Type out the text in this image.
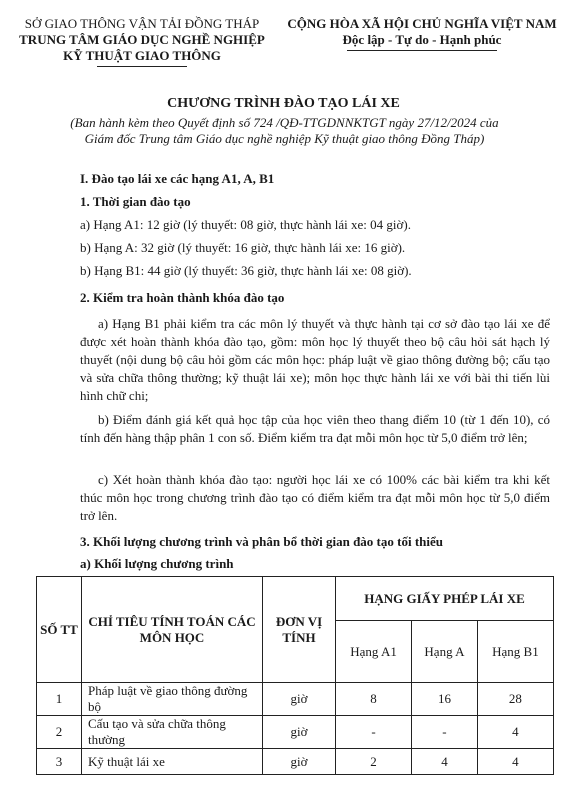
SỞ GIAO THÔNG VẬN TẢI ĐỒNG THÁP
TRUNG TÂM GIÁO DỤC NGHỀ NGHIỆP
KỸ THUẬT GIAO THÔNG
CỘNG HÒA XÃ HỘI CHỦ NGHĨA VIỆT NAM
Độc lập - Tự do - Hạnh phúc
CHƯƠNG TRÌNH ĐÀO TẠO LÁI XE
(Ban hành kèm theo Quyết định số 724 /QĐ-TTGDNNKTGT ngày 27/12/2024 của
Giám đốc Trung tâm Giáo dục nghề nghiệp Kỹ thuật giao thông Đồng Tháp)
I. Đào tạo lái xe các hạng A1, A, B1
1. Thời gian đào tạo
a) Hạng A1: 12 giờ (lý thuyết: 08 giờ, thực hành lái xe: 04 giờ).
b) Hạng A: 32 giờ (lý thuyết: 16 giờ, thực hành lái xe: 16 giờ).
b) Hạng B1: 44 giờ (lý thuyết: 36 giờ, thực hành lái xe: 08 giờ).
2. Kiểm tra hoàn thành khóa đào tạo
a) Hạng B1 phải kiểm tra các môn lý thuyết và thực hành tại cơ sở đào tạo lái xe để được xét hoàn thành khóa đào tạo, gồm: môn học lý thuyết theo bộ câu hỏi sát hạch lý thuyết (nội dung bộ câu hỏi gồm các môn học: pháp luật về giao thông đường bộ; cấu tạo và sửa chữa thông thường; kỹ thuật lái xe); môn học thực hành lái xe với bài thi tiến lùi hình chữ chi;
b) Điểm đánh giá kết quả học tập của học viên theo thang điểm 10 (từ 1 đến 10), có tính đến hàng thập phân 1 con số. Điểm kiểm tra đạt mỗi môn học từ 5,0 điểm trở lên;
c) Xét hoàn thành khóa đào tạo: người học lái xe có 100% các bài kiểm tra khi kết thúc môn học trong chương trình đào tạo có điểm kiểm tra đạt mỗi môn học từ 5,0 điểm trở lên.
3. Khối lượng chương trình và phân bổ thời gian đào tạo tối thiểu
a) Khối lượng chương trình
SỐ TT	CHỈ TIÊU TÍNH TOÁN CÁC MÔN HỌC	ĐƠN VỊ TÍNH	HẠNG GIẤY PHÉP LÁI XE		
			Hạng A1	Hạng A	Hạng B1
1	Pháp luật về giao thông đường bộ	giờ	8	16	28
2	Cấu tạo và sửa chữa thông thường	giờ	-	-	4
3	Kỹ thuật lái xe	giờ	2	4	4
